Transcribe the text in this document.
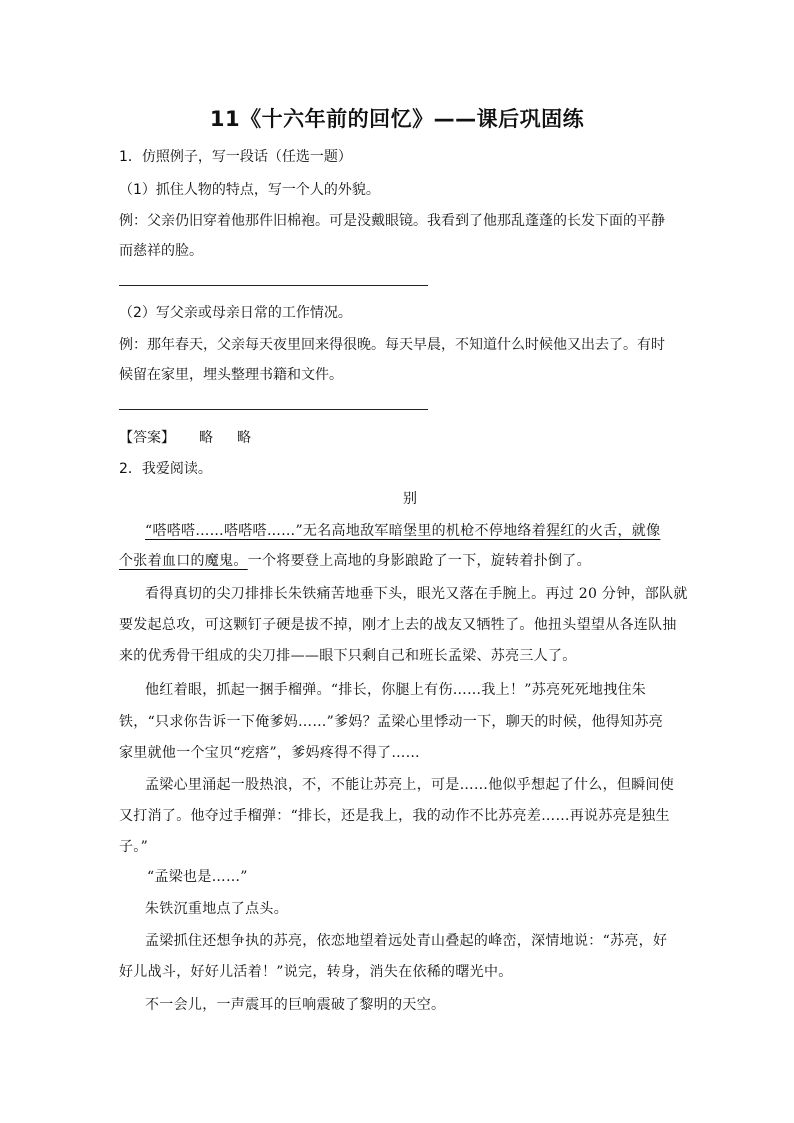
11《十六年前的回忆》——课后巩固练
1．仿照例子，写一段话（任选一题）
（1）抓住人物的特点，写一个人的外貌。
例：父亲仍旧穿着他那件旧棉袍。可是没戴眼镜。我看到了他那乱蓬蓬的长发下面的平静
而慈祥的脸。
（2）写父亲或母亲日常的工作情况。
例：那年春天，父亲每天夜里回来得很晚。每天早晨，不知道什么时候他又出去了。有时
候留在家里，埋头整理书籍和文件。
【答案】 略 略
2．我爱阅读。
别
“嗒嗒嗒……嗒嗒嗒……”无名高地敌军暗堡里的机枪不停地络着猩红的火舌，就像
个张着血口的魔鬼。一个将要登上高地的身影踉跄了一下，旋转着扑倒了。
看得真切的尖刀排排长朱铁痛苦地垂下头，眼光又落在手腕上。再过 20 分钟，部队就
要发起总攻，可这颗钉子硬是拔不掉，刚才上去的战友又牺牲了。他扭头望望从各连队抽
来的优秀骨干组成的尖刀排——眼下只剩自己和班长孟梁、苏亮三人了。
他红着眼，抓起一捆手榴弹。“排长，你腿上有伤……我上！”苏亮死死地拽住朱
铁，“只求你告诉一下俺爹妈……”爹妈？孟梁心里悸动一下，聊天的时候，他得知苏亮
家里就他一个宝贝“疙瘩”，爹妈疼得不得了……
孟梁心里涌起一股热浪，不，不能让苏亮上，可是……他似乎想起了什么，但瞬间使
又打消了。他夺过手榴弹：“排长，还是我上，我的动作不比苏亮差……再说苏亮是独生
子。”
“孟梁也是……”
朱铁沉重地点了点头。
孟梁抓住还想争执的苏亮，依恋地望着远处青山叠起的峰峦，深情地说：“苏亮，好
好儿战斗，好好儿活着！”说完，转身，消失在依稀的曙光中。
不一会儿，一声震耳的巨响震破了黎明的天空。
